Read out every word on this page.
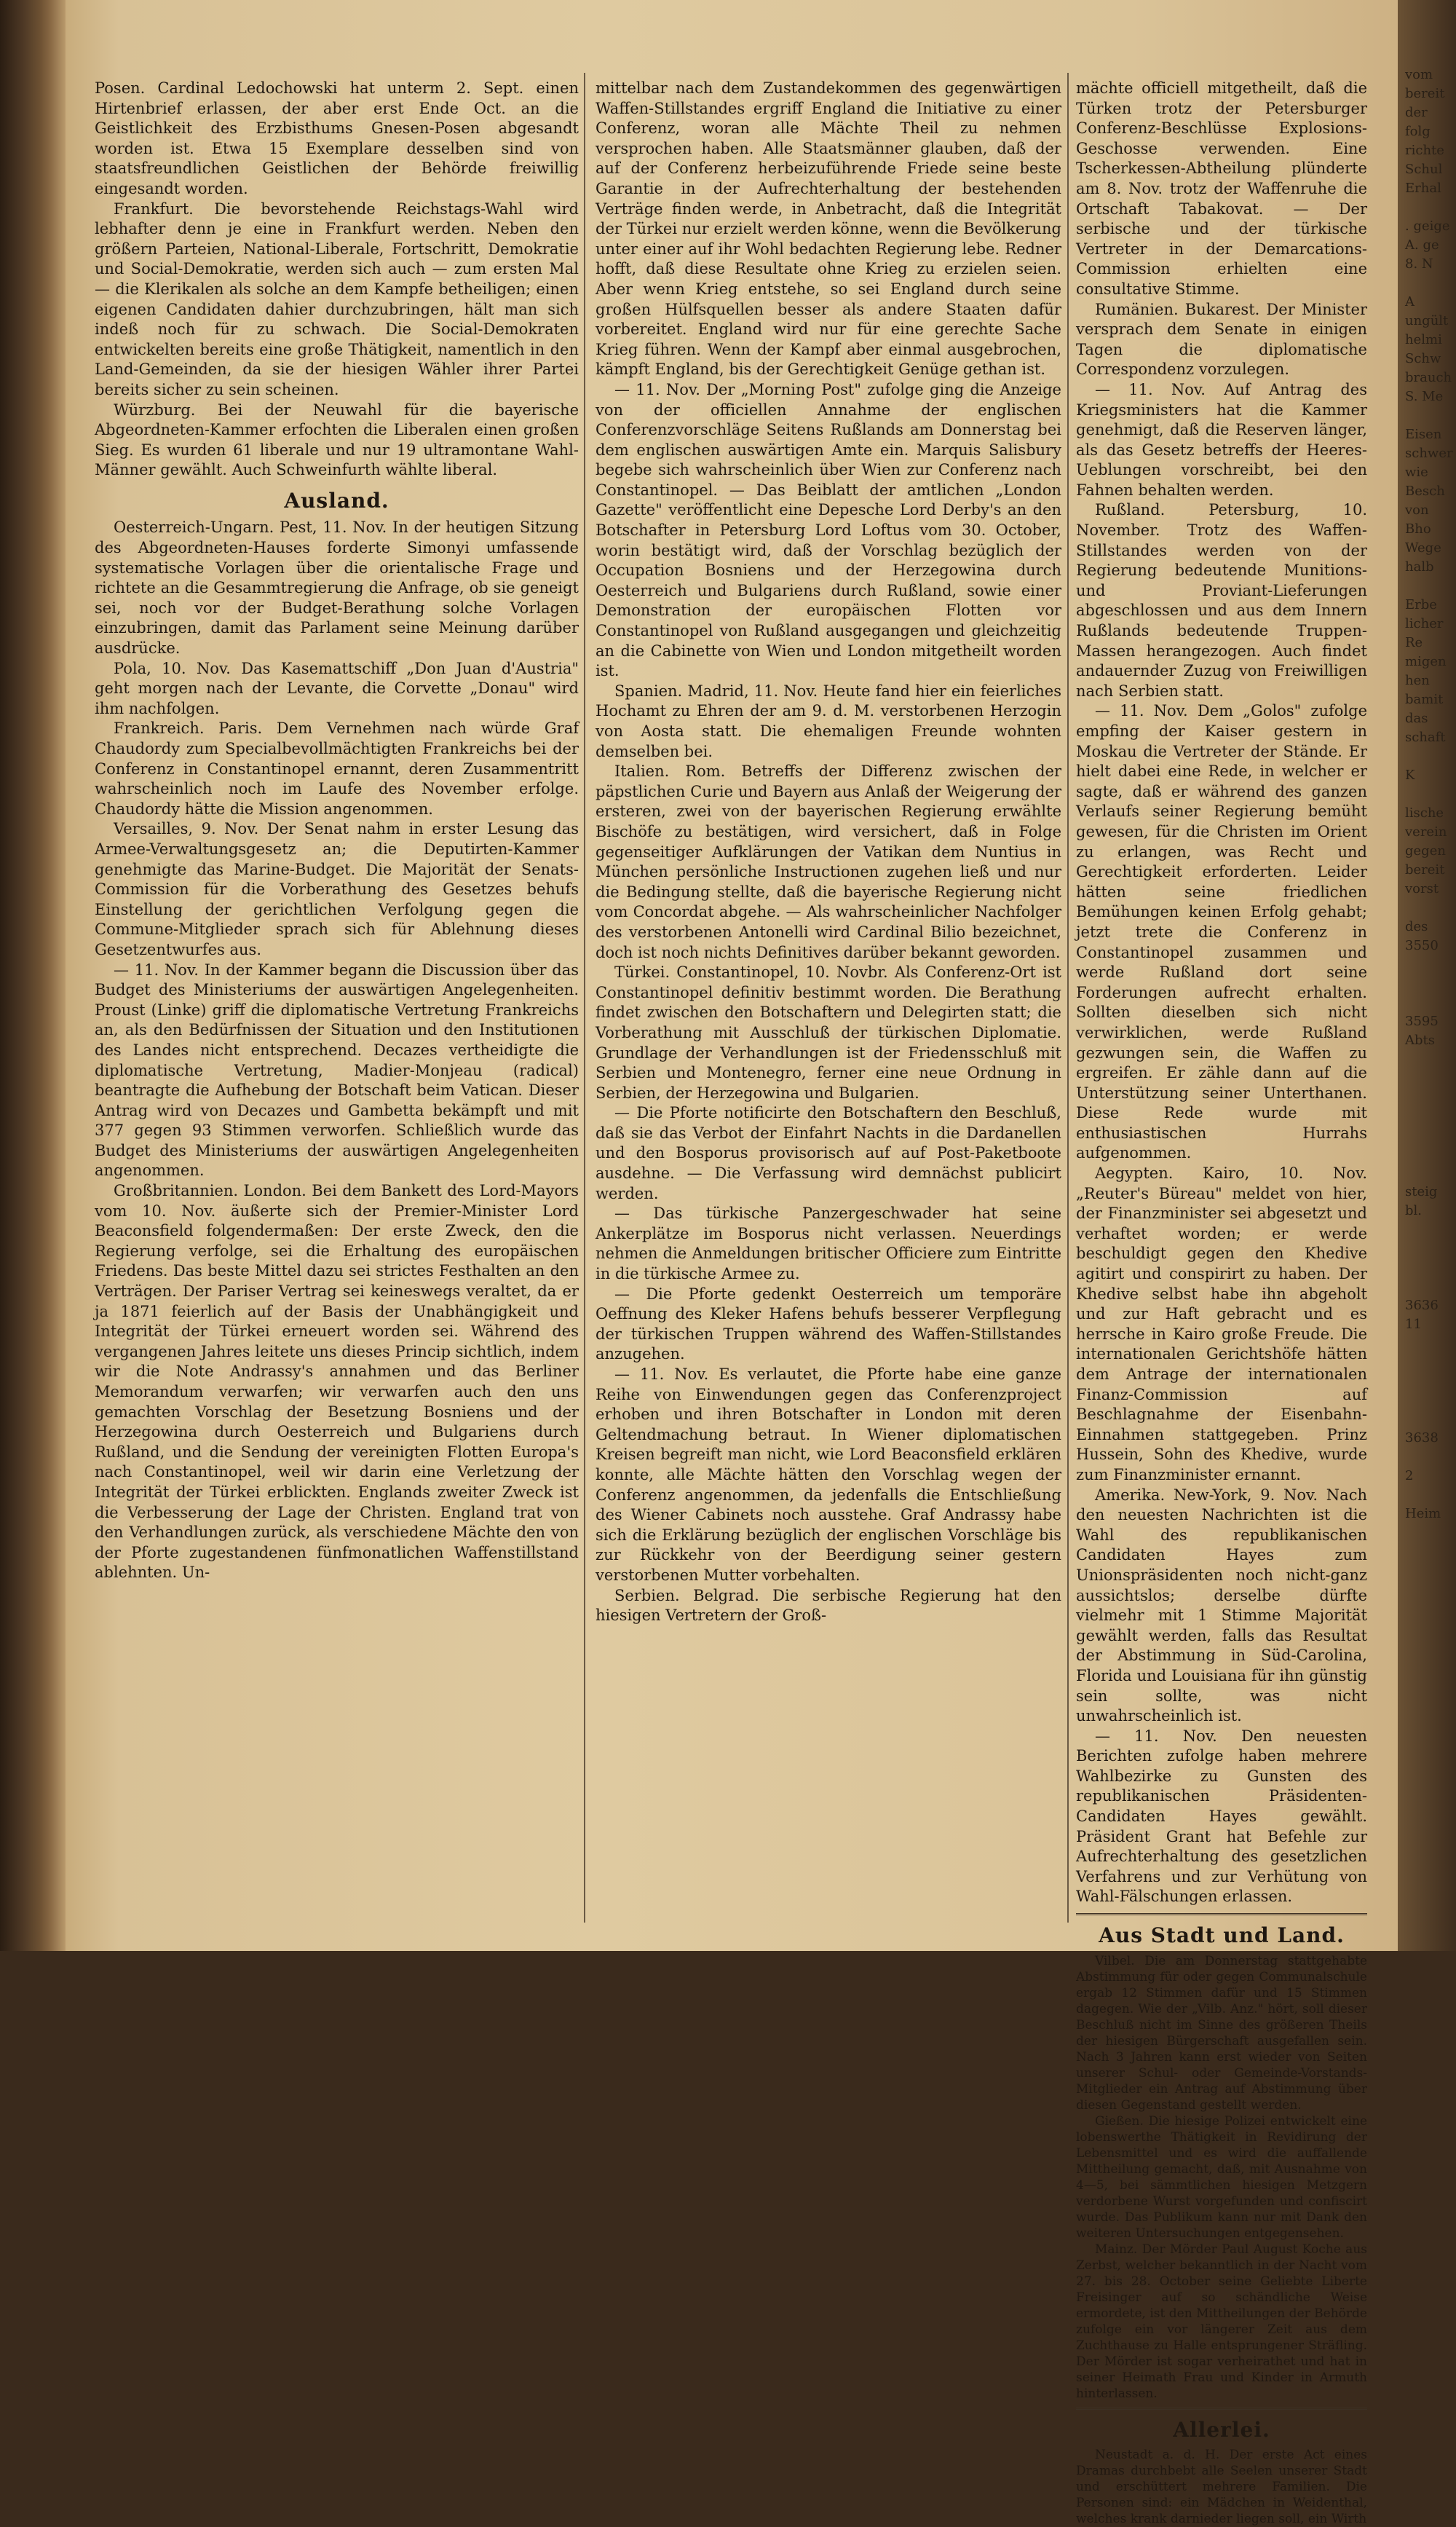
Posen. Cardinal Ledochowski hat unterm 2. Sept. einen Hirtenbrief erlassen, der aber erst Ende Oct. an die Geistlichkeit des Erzbisthums Gnesen-Posen abgesandt worden ist. Etwa 15 Exemplare desselben sind von staatsfreundlichen Geistlichen der Behörde freiwillig eingesandt worden.

Frankfurt. Die bevorstehende Reichstags-Wahl wird lebhafter denn je eine in Frankfurt werden. Neben den größern Parteien, National-Liberale, Fortschritt, Demokratie und Social-Demokratie, werden sich auch — zum ersten Mal — die Klerikalen als solche an dem Kampfe betheiligen; einen eigenen Candidaten dahier durchzubringen, hält man sich indeß noch für zu schwach. Die Social-Demokraten entwickelten bereits eine große Thätigkeit, namentlich in den Land-Gemeinden, da sie der hiesigen Wähler ihrer Partei bereits sicher zu sein scheinen.

Würzburg. Bei der Neuwahl für die bayerische Abgeordneten-Kammer erfochten die Liberalen einen großen Sieg. Es wurden 61 liberale und nur 19 ultramontane Wahl-Männer gewählt. Auch Schweinfurth wählte liberal.

Ausland.

Oesterreich-Ungarn. Pest, 11. Nov. In der heutigen Sitzung des Abgeordneten-Hauses forderte Simonyi umfassende systematische Vorlagen über die orientalische Frage und richtete an die Gesammtregierung die Anfrage, ob sie geneigt sei, noch vor der Budget-Berathung solche Vorlagen einzubringen, damit das Parlament seine Meinung darüber ausdrücke.

Pola, 10. Nov. Das Kasemattschiff „Don Juan d'Austria" geht morgen nach der Levante, die Corvette „Donau" wird ihm nachfolgen.

Frankreich. Paris. Dem Vernehmen nach würde Graf Chaudordy zum Specialbevollmächtigten Frankreichs bei der Conferenz in Constantinopel ernannt, deren Zusammentritt wahrscheinlich noch im Laufe des November erfolge. Chaudordy hätte die Mission angenommen.

Versailles, 9. Nov. Der Senat nahm in erster Lesung das Armee-Verwaltungsgesetz an; die Deputirten-Kammer genehmigte das Marine-Budget. Die Majorität der Senats-Commission für die Vorberathung des Gesetzes behufs Einstellung der gerichtlichen Verfolgung gegen die Commune-Mitglieder sprach sich für Ablehnung dieses Gesetzentwurfes aus.

— 11. Nov. In der Kammer begann die Discussion über das Budget des Ministeriums der auswärtigen Angelegenheiten. Proust (Linke) griff die diplomatische Vertretung Frankreichs an, als den Bedürfnissen der Situation und den Institutionen des Landes nicht entsprechend. Decazes vertheidigte die diplomatische Vertretung, Madier-Monjeau (radical) beantragte die Aufhebung der Botschaft beim Vatican. Dieser Antrag wird von Decazes und Gambetta bekämpft und mit 377 gegen 93 Stimmen verworfen. Schließlich wurde das Budget des Ministeriums der auswärtigen Angelegenheiten angenommen.

Großbritannien. London. Bei dem Bankett des Lord-Mayors vom 10. Nov. äußerte sich der Premier-Minister Lord Beaconsfield folgendermaßen: Der erste Zweck, den die Regierung verfolge, sei die Erhaltung des europäischen Friedens. Das beste Mittel dazu sei strictes Festhalten an den Verträgen. Der Pariser Vertrag sei keineswegs veraltet, da er ja 1871 feierlich auf der Basis der Unabhängigkeit und Integrität der Türkei erneuert worden sei. Während des vergangenen Jahres leitete uns dieses Princip sichtlich, indem wir die Note Andrassy's annahmen und das Berliner Memorandum verwarfen; wir verwarfen auch den uns gemachten Vorschlag der Besetzung Bosniens und der Herzegowina durch Oesterreich und Bulgariens durch Rußland, und die Sendung der vereinigten Flotten Europa's nach Constantinopel, weil wir darin eine Verletzung der Integrität der Türkei erblickten. Englands zweiter Zweck ist die Verbesserung der Lage der Christen. England trat von den Verhandlungen zurück, als verschiedene Mächte den von der Pforte zugestandenen fünfmonatlichen Waffenstillstand ablehnten. Un-

mittelbar nach dem Zustandekommen des gegenwärtigen Waffen-Stillstandes ergriff England die Initiative zu einer Conferenz, woran alle Mächte Theil zu nehmen versprochen haben. Alle Staatsmänner glauben, daß der auf der Conferenz herbeizuführende Friede seine beste Garantie in der Aufrechterhaltung der bestehenden Verträge finden werde, in Anbetracht, daß die Integrität der Türkei nur erzielt werden könne, wenn die Bevölkerung unter einer auf ihr Wohl bedachten Regierung lebe. Redner hofft, daß diese Resultate ohne Krieg zu erzielen seien. Aber wenn Krieg entstehe, so sei England durch seine großen Hülfsquellen besser als andere Staaten dafür vorbereitet. England wird nur für eine gerechte Sache Krieg führen. Wenn der Kampf aber einmal ausgebrochen, kämpft England, bis der Gerechtigkeit Genüge gethan ist.

— 11. Nov. Der „Morning Post" zufolge ging die Anzeige von der officiellen Annahme der englischen Conferenzvorschläge Seitens Rußlands am Donnerstag bei dem englischen auswärtigen Amte ein. Marquis Salisbury begebe sich wahrscheinlich über Wien zur Conferenz nach Constantinopel. — Das Beiblatt der amtlichen „London Gazette" veröffentlicht eine Depesche Lord Derby's an den Botschafter in Petersburg Lord Loftus vom 30. October, worin bestätigt wird, daß der Vorschlag bezüglich der Occupation Bosniens und der Herzegowina durch Oesterreich und Bulgariens durch Rußland, sowie einer Demonstration der europäischen Flotten vor Constantinopel von Rußland ausgegangen und gleichzeitig an die Cabinette von Wien und London mitgetheilt worden ist.

Spanien. Madrid, 11. Nov. Heute fand hier ein feierliches Hochamt zu Ehren der am 9. d. M. verstorbenen Herzogin von Aosta statt. Die ehemaligen Freunde wohnten demselben bei.

Italien. Rom. Betreffs der Differenz zwischen der päpstlichen Curie und Bayern aus Anlaß der Weigerung der ersteren, zwei von der bayerischen Regierung erwählte Bischöfe zu bestätigen, wird versichert, daß in Folge gegenseitiger Aufklärungen der Vatikan dem Nuntius in München persönliche Instructionen zugehen ließ und nur die Bedingung stellte, daß die bayerische Regierung nicht vom Concordat abgehe. — Als wahrscheinlicher Nachfolger des verstorbenen Antonelli wird Cardinal Bilio bezeichnet, doch ist noch nichts Definitives darüber bekannt geworden.

Türkei. Constantinopel, 10. Novbr. Als Conferenz-Ort ist Constantinopel definitiv bestimmt worden. Die Berathung findet zwischen den Botschaftern und Delegirten statt; die Vorberathung mit Ausschluß der türkischen Diplomatie. Grundlage der Verhandlungen ist der Friedensschluß mit Serbien und Montenegro, ferner eine neue Ordnung in Serbien, der Herzegowina und Bulgarien.

— Die Pforte notificirte den Botschaftern den Beschluß, daß sie das Verbot der Einfahrt Nachts in die Dardanellen und den Bosporus provisorisch auf auf Post-Paketboote ausdehne. — Die Verfassung wird demnächst publicirt werden.

— Das türkische Panzergeschwader hat seine Ankerplätze im Bosporus nicht verlassen. Neuerdings nehmen die Anmeldungen britischer Officiere zum Eintritte in die türkische Armee zu.

— Die Pforte gedenkt Oesterreich um temporäre Oeffnung des Kleker Hafens behufs besserer Verpflegung der türkischen Truppen während des Waffen-Stillstandes anzugehen.

— 11. Nov. Es verlautet, die Pforte habe eine ganze Reihe von Einwendungen gegen das Conferenzproject erhoben und ihren Botschafter in London mit deren Geltendmachung betraut. In Wiener diplomatischen Kreisen begreift man nicht, wie Lord Beaconsfield erklären konnte, alle Mächte hätten den Vorschlag wegen der Conferenz angenommen, da jedenfalls die Entschließung des Wiener Cabinets noch ausstehe. Graf Andrassy habe sich die Erklärung bezüglich der englischen Vorschläge bis zur Rückkehr von der Beerdigung seiner gestern verstorbenen Mutter vorbehalten.

Serbien. Belgrad. Die serbische Regierung hat den hiesigen Vertretern der Groß-

mächte officiell mitgetheilt, daß die Türken trotz der Petersburger Conferenz-Beschlüsse Explosions-Geschosse verwenden. Eine Tscherkessen-Abtheilung plünderte am 8. Nov. trotz der Waffenruhe die Ortschaft Tabakovat. — Der serbische und der türkische Vertreter in der Demarcations-Commission erhielten eine consultative Stimme.

Rumänien. Bukarest. Der Minister versprach dem Senate in einigen Tagen die diplomatische Correspondenz vorzulegen.

— 11. Nov. Auf Antrag des Kriegsministers hat die Kammer genehmigt, daß die Reserven länger, als das Gesetz betreffs der Heeres-Ueblungen vorschreibt, bei den Fahnen behalten werden.

Rußland. Petersburg, 10. November. Trotz des Waffen-Stillstandes werden von der Regierung bedeutende Munitions- und Proviant-Lieferungen abgeschlossen und aus dem Innern Rußlands bedeutende Truppen-Massen herangezogen. Auch findet andauernder Zuzug von Freiwilligen nach Serbien statt.

— 11. Nov. Dem „Golos" zufolge empfing der Kaiser gestern in Moskau die Vertreter der Stände. Er hielt dabei eine Rede, in welcher er sagte, daß er während des ganzen Verlaufs seiner Regierung bemüht gewesen, für die Christen im Orient zu erlangen, was Recht und Gerechtigkeit erforderten. Leider hätten seine friedlichen Bemühungen keinen Erfolg gehabt; jetzt trete die Conferenz in Constantinopel zusammen und werde Rußland dort seine Forderungen aufrecht erhalten. Sollten dieselben sich nicht verwirklichen, werde Rußland gezwungen sein, die Waffen zu ergreifen. Er zähle dann auf die Unterstützung seiner Unterthanen. Diese Rede wurde mit enthusiastischen Hurrahs aufgenommen.

Aegypten. Kairo, 10. Nov. „Reuter's Büreau" meldet von hier, der Finanzminister sei abgesetzt und verhaftet worden; er werde beschuldigt gegen den Khedive agitirt und conspirirt zu haben. Der Khedive selbst habe ihn abgeholt und zur Haft gebracht und es herrsche in Kairo große Freude. Die internationalen Gerichtshöfe hätten dem Antrage der internationalen Finanz-Commission auf Beschlagnahme der Eisenbahn-Einnahmen stattgegeben. Prinz Hussein, Sohn des Khedive, wurde zum Finanzminister ernannt.

Amerika. New-York, 9. Nov. Nach den neuesten Nachrichten ist die Wahl des republikanischen Candidaten Hayes zum Unionspräsidenten noch nicht-ganz aussichtslos; derselbe dürfte vielmehr mit 1 Stimme Majorität gewählt werden, falls das Resultat der Abstimmung in Süd-Carolina, Florida und Louisiana für ihn günstig sein sollte, was nicht unwahrscheinlich ist.

— 11. Nov. Den neuesten Berichten zufolge haben mehrere Wahlbezirke zu Gunsten des republikanischen Präsidenten-Candidaten Hayes gewählt. Präsident Grant hat Befehle zur Aufrechterhaltung des gesetzlichen Verfahrens und zur Verhütung von Wahl-Fälschungen erlassen.

Aus Stadt und Land.

Vilbel. Die am Donnerstag stattgehabte Abstimmung für oder gegen Communalschule ergab 12 Stimmen dafür und 15 Stimmen dagegen. Wie der „Vilb. Anz." hört, soll dieser Beschluß nicht im Sinne des größeren Theils der hiesigen Bürgerschaft ausgefallen sein. Nach 3 Jahren kann erst wieder von Seiten unserer Schul- oder Gemeinde-Vorstands-Mitglieder ein Antrag auf Abstimmung über diesen Gegenstand gestellt werden.

Gießen. Die hiesige Polizei entwickelt eine lobenswerthe Thätigkeit in Revidirung der Lebensmittel und es wird die auffallende Mittheilung gemacht, daß, mit Ausnahme von 4—5, bei sämmtlichen hiesigen Metzgern verdorbene Wurst vorgefunden und confiscirt wurde. Das Publikum kann nur mit Dank den weiteren Untersuchungen entgegensehen.

Mainz. Der Mörder Paul August Koche aus Zerbst, welcher bekanntlich in der Nacht vom 27. bis 28. October seine Geliebte Liberte Freisinger auf so schändliche Weise ermordete, ist den Mittheilungen der Behörde zufolge ein vor längerer Zeit aus dem Zuchthause zu Halle entsprungener Sträfling. Der Mörder ist sogar verheirathet und hat in seiner Heimath Frau und Kinder in Armuth hinterlassen.

Allerlei.

Neustadt a. d. H. Der erste Act eines Dramas durchbebt alle Seelen unserer Stadt und erschüttert mehrere Familien. Die Personen sind: ein Mädchen in Weidenthal, welches krank darnieder liegen soll, ein Wirth

vom
bereit
der
folg
richte
Schul
Erhal

. geige
A. ge
8. N

A
ungült
helmi
Schw
brauch
S. Me

Eisen
schwer
wie
Besch
von
Bho
Wege
halb

Erbe
licher
Re
migen
hen
bamit
das
schaft

K

lische
verein
gegen
bereit
vorst

des
3550

3595
Abts

steig
bl.

3636
11

3638

2

Heim
